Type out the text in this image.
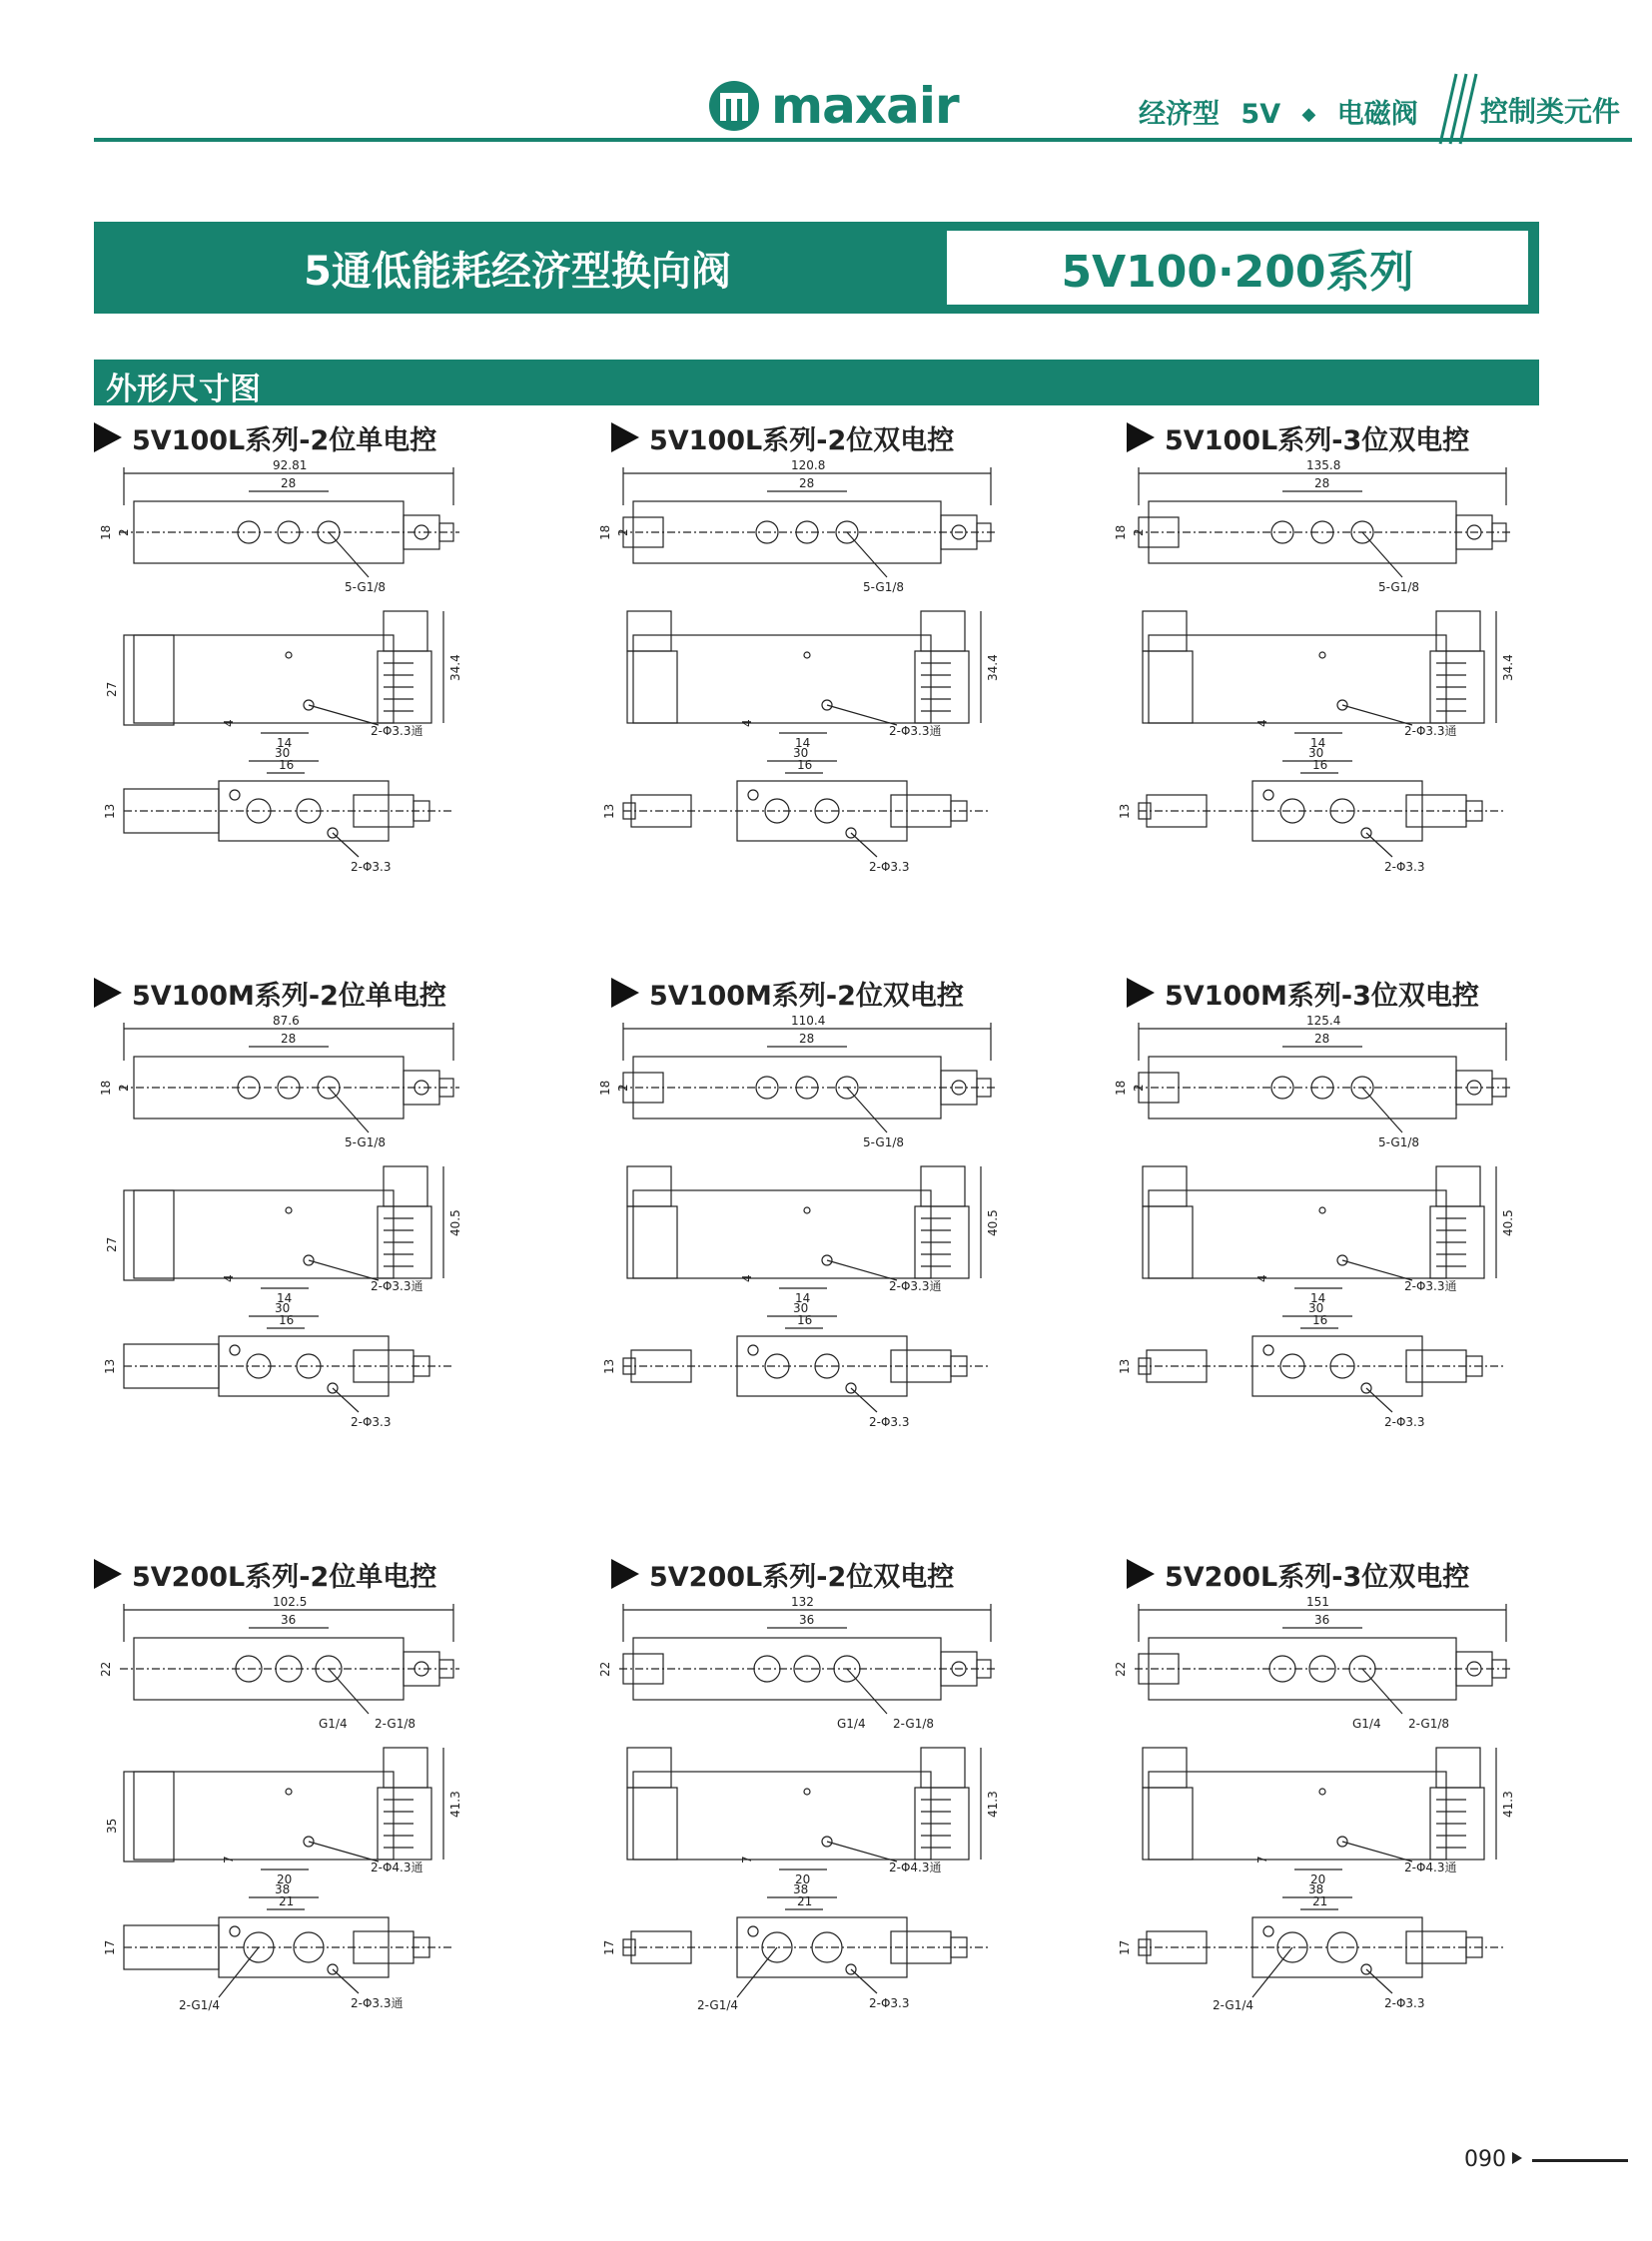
maxair	经济型 5V ◆ 电磁阀 控制类元件
5通低能耗经济型换向阀	5V100·200系列
外形尺寸图
5V100L系列-2位单电控
92.81
28
18 2
5-G1/8
34.4
27
4
14
2-Φ3.3通
30
16
13
2-Φ3.3
5V100L系列-2位双电控
120.8
28
18 2
5-G1/8
34.4
4
14
2-Φ3.3通
30
16
13
2-Φ3.3
5V100L系列-3位双电控
135.8
28
18 2
5-G1/8
34.4
4
14
2-Φ3.3通
30
16
13
2-Φ3.3
5V100M系列-2位单电控
87.6
28
18 2
5-G1/8
40.5
27
4
14
2-Φ3.3通
30
16
13
2-Φ3.3
5V100M系列-2位双电控
110.4
28
18 2
5-G1/8
40.5
4
14
2-Φ3.3通
30
16
13
2-Φ3.3
5V100M系列-3位双电控
125.4
28
18 2
5-G1/8
40.5
4
14
2-Φ3.3通
30
16
13
2-Φ3.3
5V200L系列-2位单电控
102.5
36
22
G1/4 2-G1/8
41.3
35
7
20
2-Φ4.3通
38
21
17
2-Φ3.3通
2-G1/4
5V200L系列-2位双电控
132
36
22
G1/4 2-G1/8
41.3
7
20
2-Φ4.3通
38
21
17
2-Φ3.3
2-G1/4
5V200L系列-3位双电控
151
36
22
G1/4 2-G1/8
41.3
7
20
2-Φ4.3通
38
21
17
2-Φ3.3
2-G1/4
090
